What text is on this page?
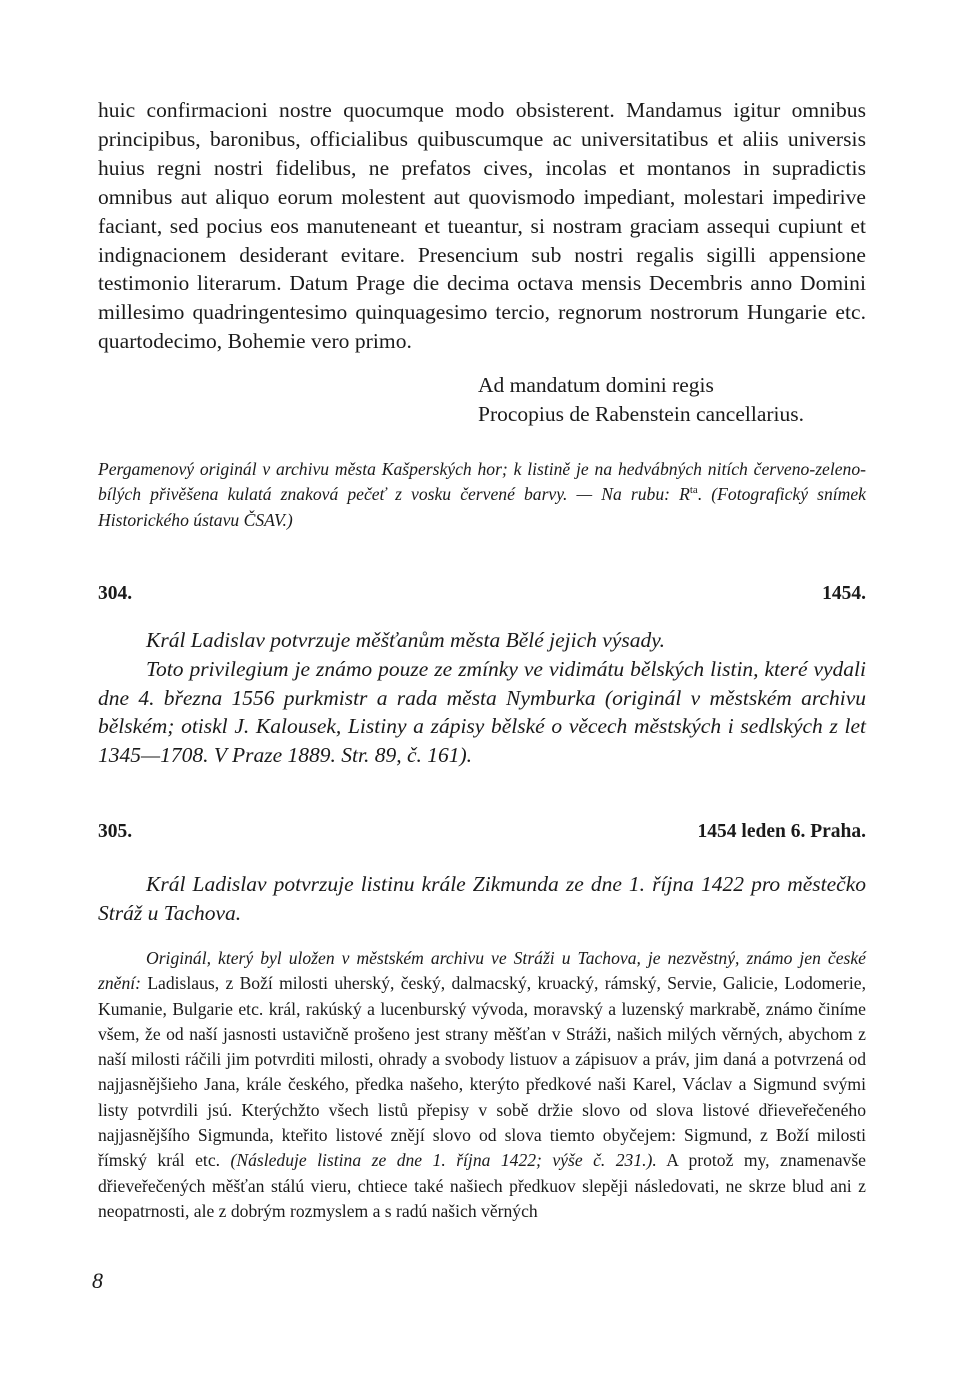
huic confirmacioni nostre quocumque modo obsisterent. Mandamus igitur omnibus principibus, baronibus, officialibus quibuscumque ac universitatibus et aliis universis huius regni nostri fidelibus, ne prefatos cives, incolas et montanos in supradictis omnibus aut aliquo eorum molestent aut quovismodo impediant, molestari impedirive faciant, sed pocius eos manuteneant et tueantur, si nostram graciam assequi cupiunt et indignacionem desiderant evitare. Presencium sub nostri regalis sigilli appensione testimonio literarum. Datum Prage die decima octava mensis Decembris anno Domini millesimo quadringentesimo quinquagesimo tercio, regnorum nostrorum Hungarie etc. quartodecimo, Bohemie vero primo.
Ad mandatum domini regis
Procopius de Rabenstein cancellarius.
Pergamenový originál v archivu města Kašperských hor; k listině je na hedvábných nitích červeno-zeleno-bílých přivěšena kulatá znaková pečeť z vosku červené barvy. — Na rubu: $R^{ta}$. (Fotografický snímek Historického ústavu ČSAV.)
304.	1454.
Král Ladislav potvrzuje měšťanům města Bělé jejich výsady.
Toto privilegium je známo pouze ze zmínky ve vidimátu bělských listin, které vydali dne 4. března 1556 purkmistr a rada města Nymburka (originál v městském archivu bělském; otiskl J. Kalousek, Listiny a zápisy bělské o věcech městských i sedlských z let 1345—1708. V Praze 1889. Str. 89, č. 161).
305.	1454 leden 6. Praha.
Král Ladislav potvrzuje listinu krále Zikmunda ze dne 1. října 1422 pro městečko Stráž u Tachova.
Originál, který byl uložen v městském archivu ve Stráži u Tachova, je nezvěstný, známo jen české znění: Ladislaus, z Boží milosti uherský, český, dalmacský, krυacký, rámský, Servie, Galicie, Lodomerie, Kumanie, Bulgarie etc. král, rakúský a lucenburský vývoda, moravský a luzenský markrabě, známo činíme všem, že od naší jasnosti ustavičně prošeno jest strany měšťan v Stráži, našich milých věrných, abychom z naší milosti ráčili jim potvrditi milosti, ohrady a svobody listuov a zápisuov a práv, jim daná a potvrzená od najjasnějšieho Jana, krále českého, předka našeho, kterýto předkové naši Karel, Václav a Sigmund svými listy potvrdili jsú. Kterýchžto všech listů přepisy v sobě držie slovo od slova listové dřieveřečeného najjasnějšího Sigmunda, kteřito listové znějí slovo od slova tiemto obyčejem: Sigmund, z Boží milosti římský král etc. (Následuje listina ze dne 1. října 1422; výše č. 231.). A protož my, znamenavše dřieveřečených měšťan stálú vieru, chtiece také našiech předkuov slepěji následovati, ne skrze blud ani z neopatrnosti, ale z dobrým rozmyslem a s radú našich věrných
8
